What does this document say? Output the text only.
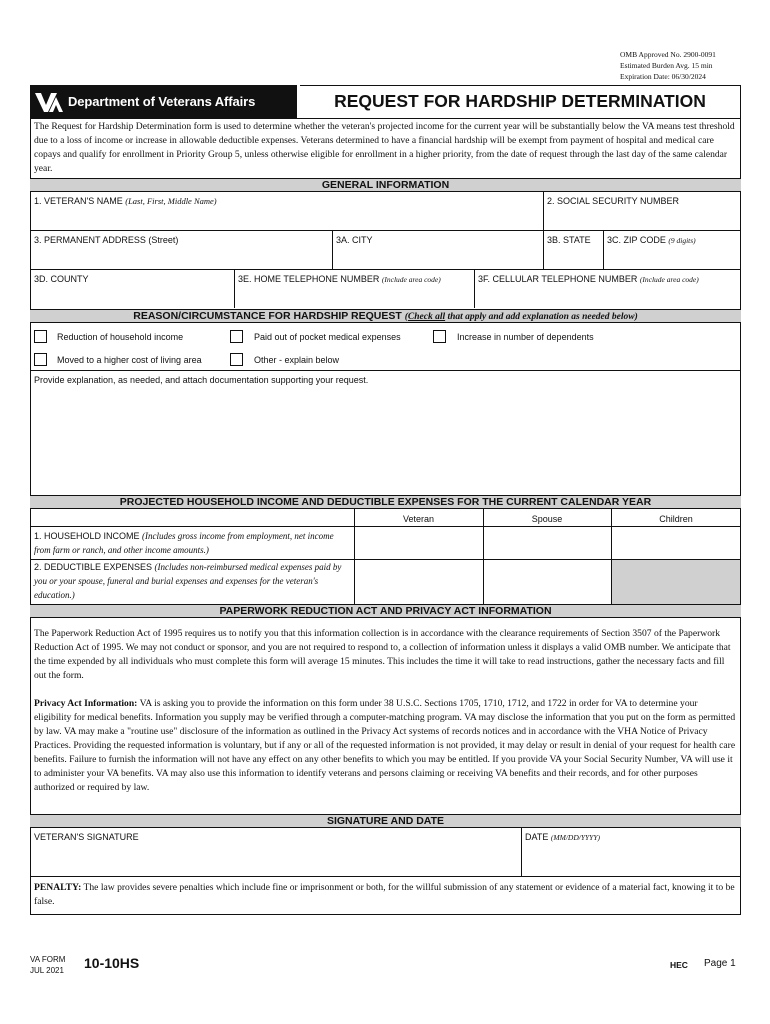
OMB Approved No. 2900-0091
Estimated Burden Avg. 15 min
Expiration Date: 06/30/2024
Department of Veterans Affairs	REQUEST FOR HARDSHIP DETERMINATION
The Request for Hardship Determination form is used to determine whether the veteran's projected income for the current year will be substantially below the VA means test threshold due to a loss of income or increase in allowable deductible expenses. Veterans determined to have a financial hardship will be exempt from payment of hospital and medical care copays and qualify for enrollment in Priority Group 5, unless otherwise eligible for enrollment in a higher priority, from the date of request through the last day of the same calendar year.
GENERAL INFORMATION
1. VETERAN'S NAME (Last, First, Middle Name)	2. SOCIAL SECURITY NUMBER
3. PERMANENT ADDRESS (Street)	3A. CITY	3B. STATE 3C. ZIP CODE (9 digits)
3D. COUNTY	3E. HOME TELEPHONE NUMBER (Include area code)	3F. CELLULAR TELEPHONE NUMBER (Include area code)
REASON/CIRCUMSTANCE FOR HARDSHIP REQUEST (Check all that apply and add explanation as needed below)
Reduction of household income	Paid out of pocket medical expenses	Increase in number of dependents
Moved to a higher cost of living area	Other - explain below
Provide explanation, as needed, and attach documentation supporting your request.
PROJECTED HOUSEHOLD INCOME AND DEDUCTIBLE EXPENSES FOR THE CURRENT CALENDAR YEAR
Veteran	Spouse	Children
1. HOUSEHOLD INCOME (Includes gross income from employment, net income from farm or ranch, and other income amounts.)
2. DEDUCTIBLE EXPENSES (Includes non-reimbursed medical expenses paid by you or your spouse, funeral and burial expenses and expenses for the veteran's education.)
PAPERWORK REDUCTION ACT AND PRIVACY ACT INFORMATION
The Paperwork Reduction Act of 1995 requires us to notify you that this information collection is in accordance with the clearance requirements of Section 3507 of the Paperwork Reduction Act of 1995. We may not conduct or sponsor, and you are not required to respond to, a collection of information unless it displays a valid OMB number. We anticipate that the time expended by all individuals who must complete this form will average 15 minutes. This includes the time it will take to read instructions, gather the necessary facts and fill out the form.
Privacy Act Information: VA is asking you to provide the information on this form under 38 U.S.C. Sections 1705, 1710, 1712, and 1722 in order for VA to determine your eligibility for medical benefits. Information you supply may be verified through a computer-matching program. VA may disclose the information that you put on the form as permitted by law. VA may make a "routine use" disclosure of the information as outlined in the Privacy Act systems of records notices and in accordance with the VHA Notice of Privacy Practices. Providing the requested information is voluntary, but if any or all of the requested information is not provided, it may delay or result in denial of your request for health care benefits. Failure to furnish the information will not have any effect on any other benefits to which you may be entitled. If you provide VA your Social Security Number, VA will use it to administer your VA benefits. VA may also use this information to identify veterans and persons claiming or receiving VA benefits and their records, and for other purposes authorized or required by law.
SIGNATURE AND DATE
VETERAN'S SIGNATURE	DATE (MM/DD/YYYY)
PENALTY: The law provides severe penalties which include fine or imprisonment or both, for the willful submission of any statement or evidence of a material fact, knowing it to be false.
VA FORM
JUL 2021 10-10HS	HEC Page 1
